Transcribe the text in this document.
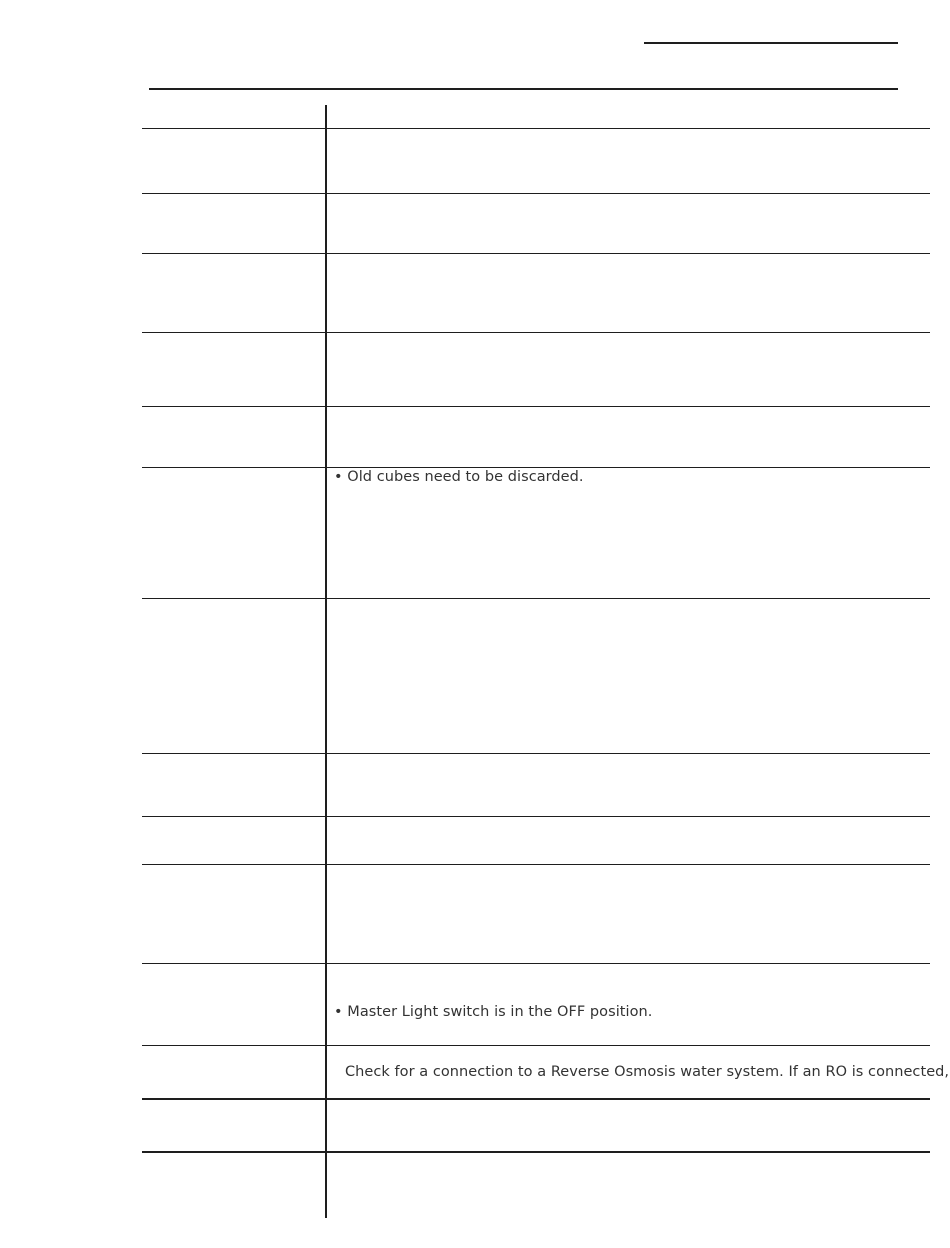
• Old cubes need to be discarded.
• Master Light switch is in the OFF position.
Check for a connection to a Reverse Osmosis water system. If an RO is connected,
